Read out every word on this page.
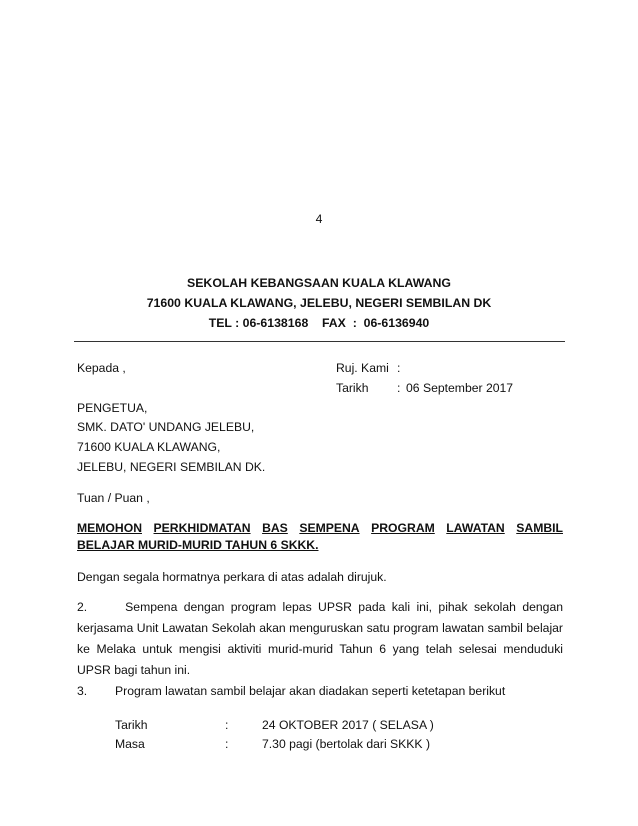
4
SEKOLAH KEBANGSAAN KUALA KLAWANG
71600 KUALA KLAWANG, JELEBU, NEGERI SEMBILAN DK
TEL : 06-6138168    FAX  :  06-6136940
Kepada ,	Ruj. Kami :
Tarikh : 06 September 2017
PENGETUA,
SMK. DATO' UNDANG JELEBU,
71600 KUALA KLAWANG,
JELEBU, NEGERI SEMBILAN DK.
Tuan / Puan ,
MEMOHON PERKHIDMATAN BAS SEMPENA PROGRAM LAWATAN SAMBIL
BELAJAR MURID-MURID TAHUN 6 SKKK.
Dengan segala hormatnya perkara di atas adalah dirujuk.
2.	Sempena dengan program lepas UPSR pada kali ini, pihak sekolah dengan kerjasama Unit Lawatan Sekolah akan menguruskan satu program lawatan sambil belajar ke Melaka untuk mengisi aktiviti murid-murid Tahun 6 yang telah selesai menduduki UPSR bagi tahun ini.
3. Program lawatan sambil belajar akan diadakan seperti ketetapan berikut
Tarikh	:	24 OKTOBER 2017 ( SELASA )
Masa	:	7.30 pagi (bertolak dari SKKK )
